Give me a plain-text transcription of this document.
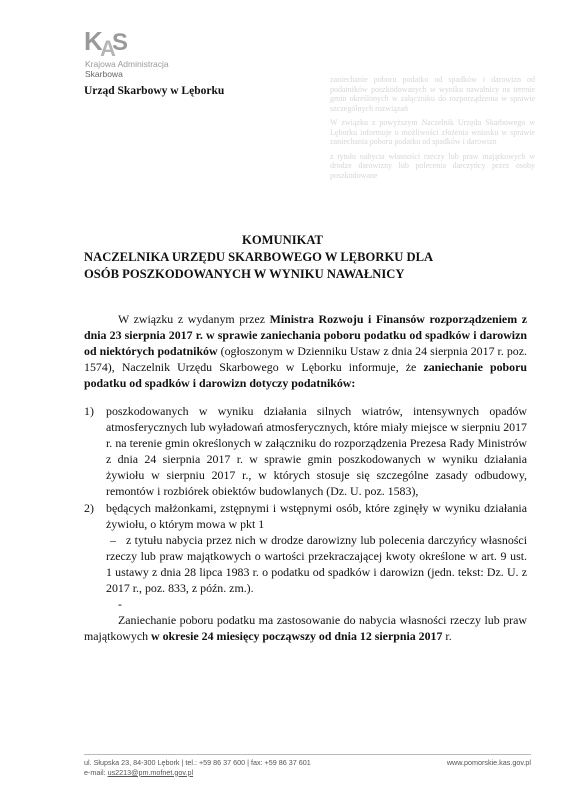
zaniechanie poboru podatku od spadków i darowizn od podatników poszkodowanych w wyniku nawałnicy na terenie gmin określonych w załączniku do rozporządzenia w sprawie szczególnych rozwiązań

W związku z powyższym Naczelnik Urzędu Skarbowego w Lęborku informuje o możliwości złożenia wniosku w sprawie zaniechania poboru podatku od spadków i darowizn

z tytułu nabycia własności rzeczy lub praw majątkowych w drodze darowizny lub polecenia darczyńcy przez osoby poszkodowane

K
A
S
Krajowa Administracja
Skarbowa
Urząd Skarbowy w Lęborku
KOMUNIKAT
NACZELNIKA URZĘDU SKARBOWEGO W LĘBORKU DLA
OSÓB POSZKODOWANYCH W WYNIKU NAWAŁNICY

W związku z wydanym przez Ministra Rozwoju i Finansów rozporządzeniem z dnia 23 sierpnia 2017 r. w sprawie zaniechania poboru podatku od spadków i darowizn od niektórych podatników (ogłoszonym w Dzienniku Ustaw z dnia 24 sierpnia 2017 r. poz. 1574), Naczelnik Urzędu Skarbowego w Lęborku informuje, że zaniechanie poboru podatku od spadków i darowizn dotyczy podatników:

1) poszkodowanych w wyniku działania silnych wiatrów, intensywnych opadów atmosferycznych lub wyładowań atmosferycznych, które miały miejsce w sierpniu 2017 r. na terenie gmin określonych w załączniku do rozporządzenia Prezesa Rady Ministrów z dnia 24 sierpnia 2017 r. w sprawie gmin poszkodowanych w wyniku działania żywiołu w sierpniu 2017 r., w których stosuje się szczególne zasady odbudowy, remontów i rozbiórek obiektów budowlanych (Dz. U. poz. 1583),
2) będących małżonkami, zstępnymi i wstępnymi osób, które zginęły w wyniku działania żywiołu, o którym mowa w pkt 1

– z tytułu nabycia przez nich w drodze darowizny lub polecenia darczyńcy własności rzeczy lub praw majątkowych o wartości przekraczającej kwoty określone w art. 9 ust. 1 ustawy z dnia 28 lipca 1983 r. o podatku od spadków i darowizn (jedn. tekst: Dz. U. z 2017 r., poz. 833, z późn. zm.).

-

Zaniechanie poboru podatku ma zastosowanie do nabycia własności rzeczy lub praw majątkowych w okresie 24 miesięcy począwszy od dnia 12 sierpnia 2017 r.

ul. Słupska 23, 84-300 Lębork | tel.: +59 86 37 600 | fax: +59 86 37 601
e-mail: us2213@pm.mofnet.gov.pl
www.pomorskie.kas.gov.pl
